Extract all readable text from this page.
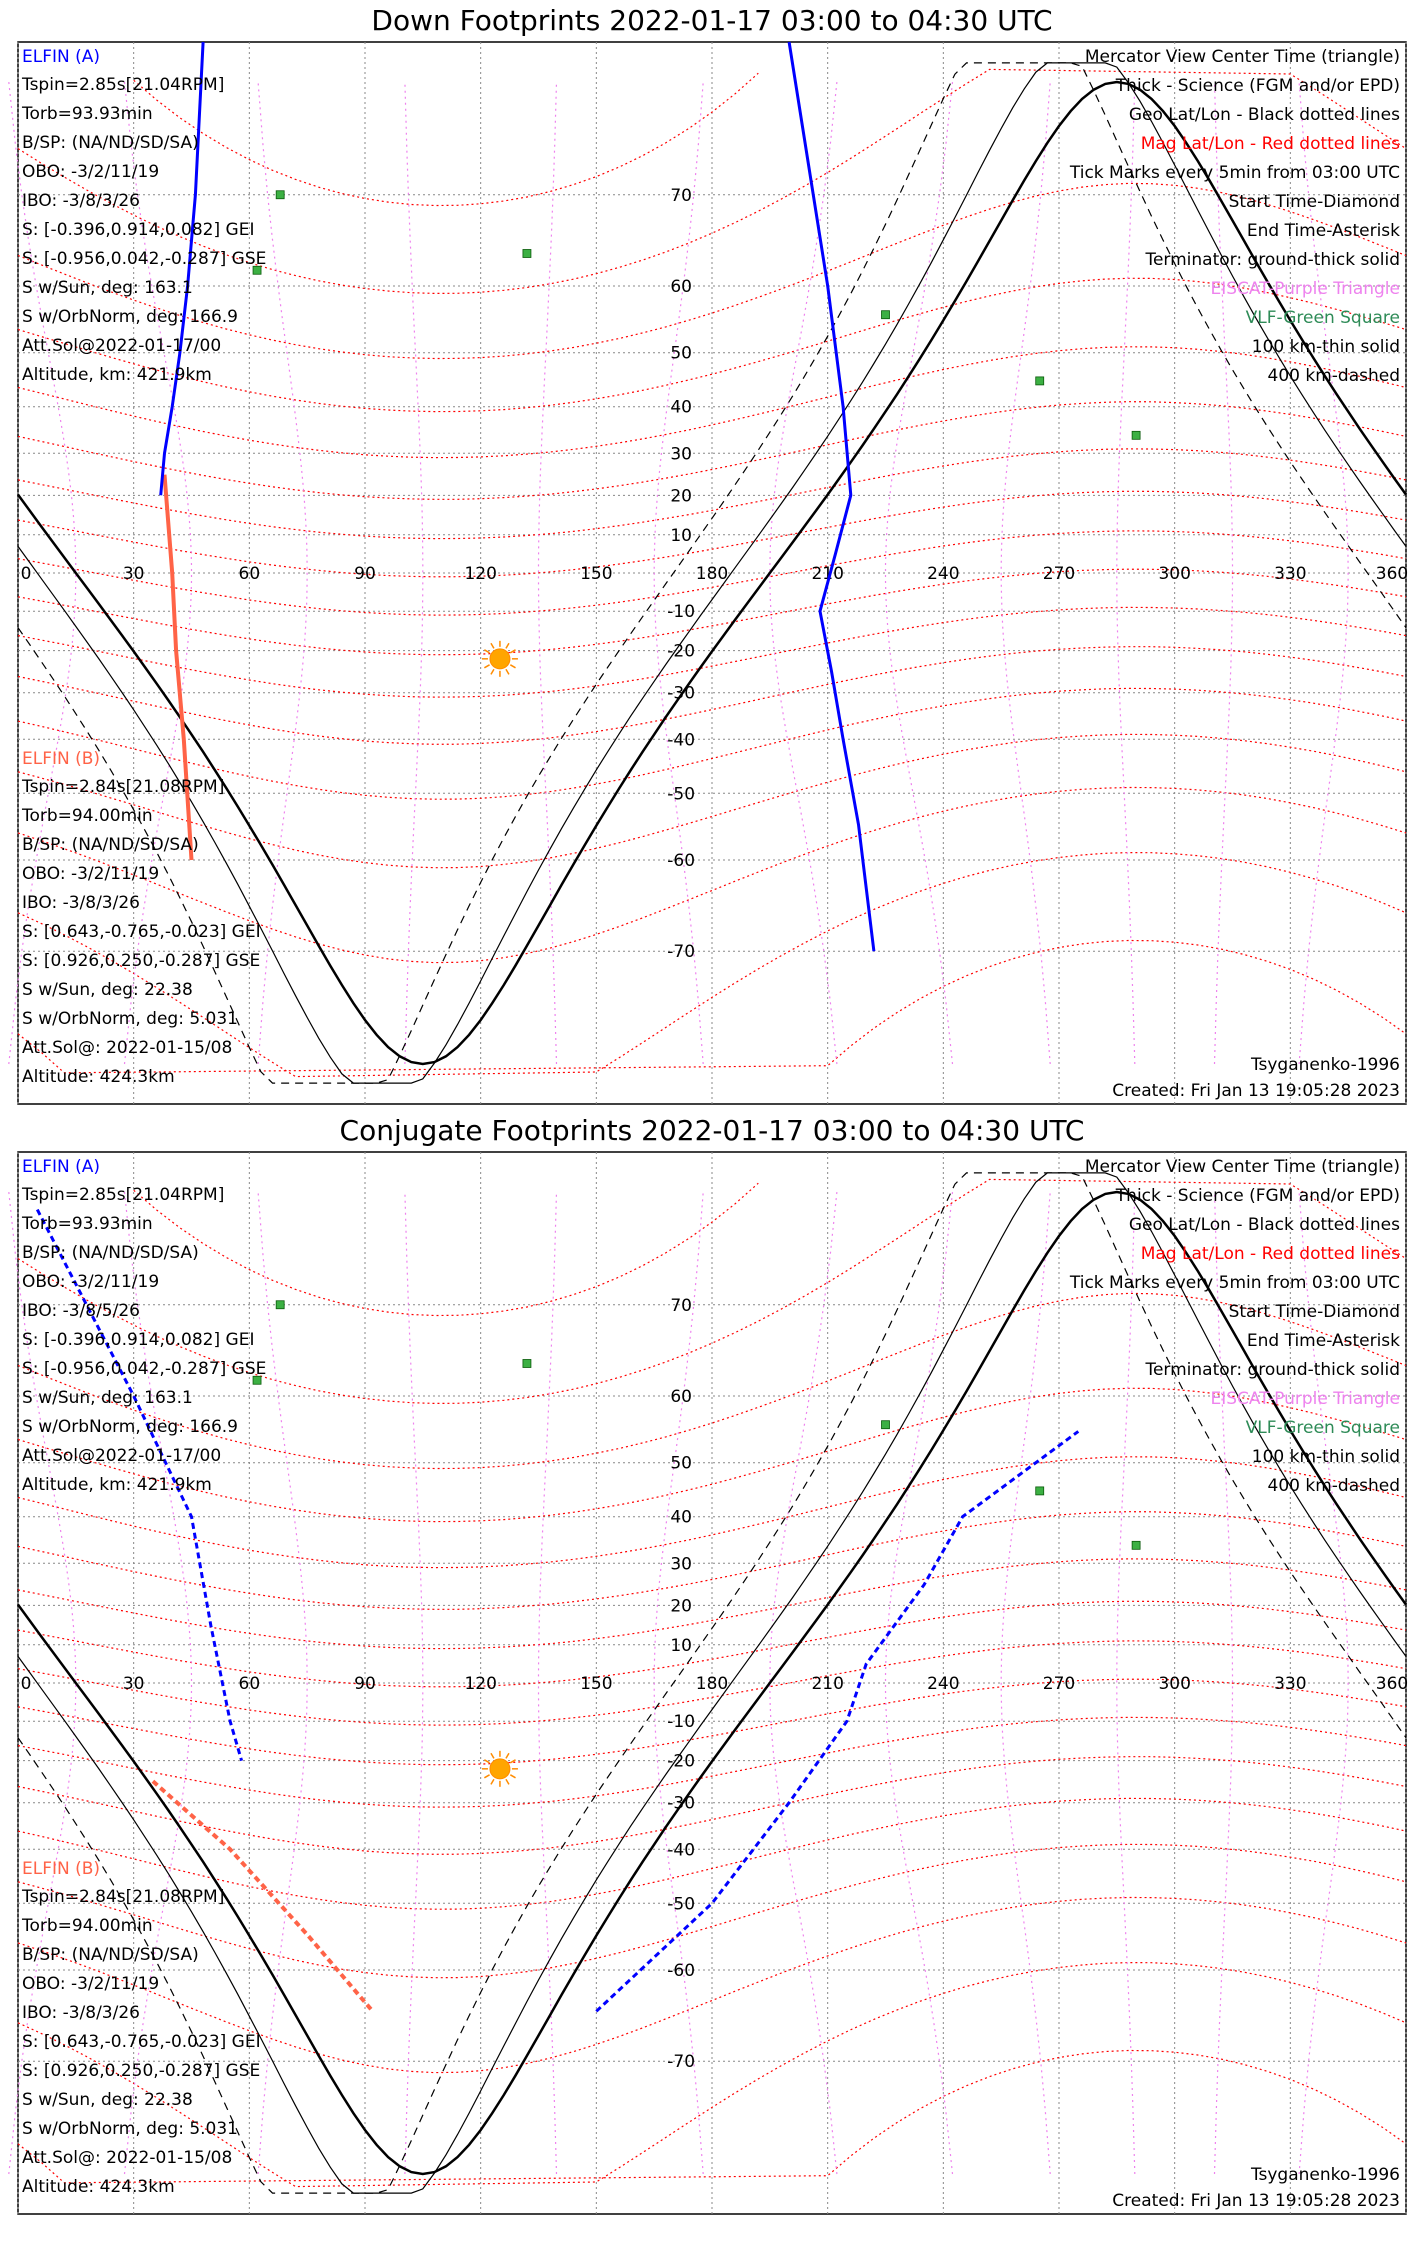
Down Footprints 2022-01-17 03:00 to 04:30 UTC
0	30	60	90	120	150	180	210	240	270	300	330	360
70
60
50
40
30
20
10
-10
-20
-30
-40
-50
-60
-70
ELFIN (A)
Tspin=2.85s[21.04RPM]
Torb=93.93min
B/SP: (NA/ND/SD/SA)
OBO: -3/2/11/19
IBO: -3/8/3/26
S: [-0.396,0.914,0.082] GEI
S: [-0.956,0.042,-0.287] GSE
S w/Sun, deg: 163.1
S w/OrbNorm, deg: 166.9
Att.Sol@2022-01-17/00
Altitude, km: 421.9km
ELFIN (B)
Tspin=2.84s[21.08RPM]
Torb=94.00min
B/SP: (NA/ND/SD/SA)
OBO: -3/2/11/19
IBO: -3/8/3/26
S: [0.643,-0.765,-0.023] GEI
S: [0.926,0.250,-0.287] GSE
S w/Sun, deg: 22.38
S w/OrbNorm, deg: 5.031
Att.Sol@: 2022-01-15/08
Altitude: 424.3km
Mercator View Center Time (triangle)
Thick - Science (FGM and/or EPD)
Geo Lat/Lon - Black dotted lines
Mag Lat/Lon - Red dotted lines
Tick Marks every 5min from 03:00 UTC
Start Time-Diamond
End Time-Asterisk
Terminator: ground-thick solid
EISCAT-Purple Triangle
VLF-Green Square
100 km-thin solid
400 km-dashed
Tsyganenko-1996
Created: Fri Jan 13 19:05:28 2023
Conjugate Footprints 2022-01-17 03:00 to 04:30 UTC
0	30	60	90	120	150	180	210	240	270	300	330	360
70
60
50
40
30
20
10
-10
-20
-30
-40
-50
-60
-70
ELFIN (A)
Tspin=2.85s[21.04RPM]
Torb=93.93min
B/SP: (NA/ND/SD/SA)
OBO: -3/2/11/19
IBO: -3/8/5/26
S: [-0.396,0.914,0.082] GEI
S: [-0.956,0.042,-0.287] GSE
S w/Sun, deg: 163.1
S w/OrbNorm, deg: 166.9
Att.Sol@2022-01-17/00
Altitude, km: 421.9km
ELFIN (B)
Tspin=2.84s[21.08RPM]
Torb=94.00min
B/SP: (NA/ND/SD/SA)
OBO: -3/2/11/19
IBO: -3/8/3/26
S: [0.643,-0.765,-0.023] GEI
S: [0.926,0.250,-0.287] GSE
S w/Sun, deg: 22.38
S w/OrbNorm, deg: 5.031
Att.Sol@: 2022-01-15/08
Altitude: 424.3km
Mercator View Center Time (triangle)
Thick - Science (FGM and/or EPD)
Geo Lat/Lon - Black dotted lines
Mag Lat/Lon - Red dotted lines
Tick Marks every 5min from 03:00 UTC
Start Time-Diamond
End Time-Asterisk
Terminator: ground-thick solid
EISCAT-Purple Triangle
VLF-Green Square
100 km-thin solid
400 km-dashed
Tsyganenko-1996
Created: Fri Jan 13 19:05:28 2023
